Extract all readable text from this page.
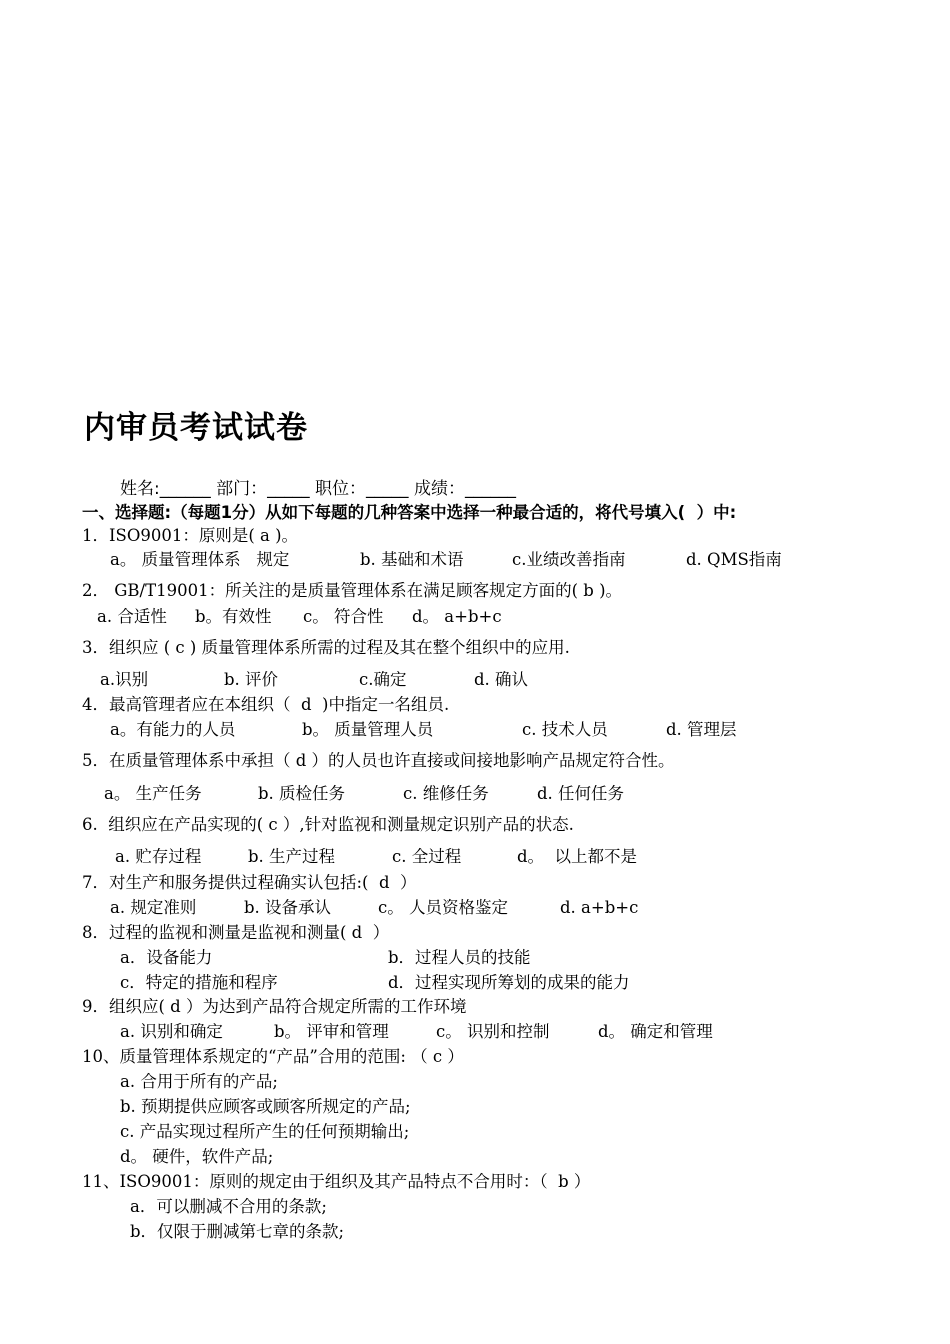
内审员考试试卷
姓名:______ 部门：_____ 职位：_____ 成绩：______
一、选择题:（每题1分）从如下每题的几种答案中选择一种最合适的，将代号填入(  ）中:
1．ISO9001：原则是( a )。
a。 质量管理体系   规定	b. 基础和术语	c.业绩改善指南	d. QMS指南
2． GB/T19001：所关注的是质量管理体系在满足顾客规定方面的( b )。
a. 合适性 b。有效性 c。 符合性 d。 a+b+c
3．组织应 ( c ) 质量管理体系所需的过程及其在整个组织中的应用.
a.识别	b. 评价	c.确定	d. 确认
4．最高管理者应在本组织（  d  )中指定一名组员.
a。有能力的人员	b。 质量管理人员	c. 技术人员	d. 管理层
5．在质量管理体系中承担（ d ）的人员也许直接或间接地影响产品规定符合性。
a。 生产任务	b. 质检任务	c. 维修任务	d. 任何任务
6.  组织应在产品实现的( c ）,针对监视和测量规定识别产品的状态.
a. 贮存过程	b. 生产过程	c. 全过程	d。  以上都不是
7．对生产和服务提供过程确实认包括:(  d  ）
a. 规定准则	b. 设备承认	c。 人员资格鉴定	d. a+b+c
8．过程的监视和测量是监视和测量( d  ）
a．设备能力	b．过程人员的技能
c．特定的措施和程序	d．过程实现所筹划的成果的能力
9．组织应( d ）为达到产品符合规定所需的工作环境
a. 识别和确定	b。 评审和管理	c。 识别和控制	d。 确定和管理
10、质量管理体系规定的“产品”合用的范围: （ c ）
a. 合用于所有的产品;
b. 预期提供应顾客或顾客所规定的产品;
c. 产品实现过程所产生的任何预期输出;
d。 硬件，软件产品;
11、ISO9001：原则的规定由于组织及其产品特点不合用时：（  b ）
a．可以删减不合用的条款;
b．仅限于删减第七章的条款;
